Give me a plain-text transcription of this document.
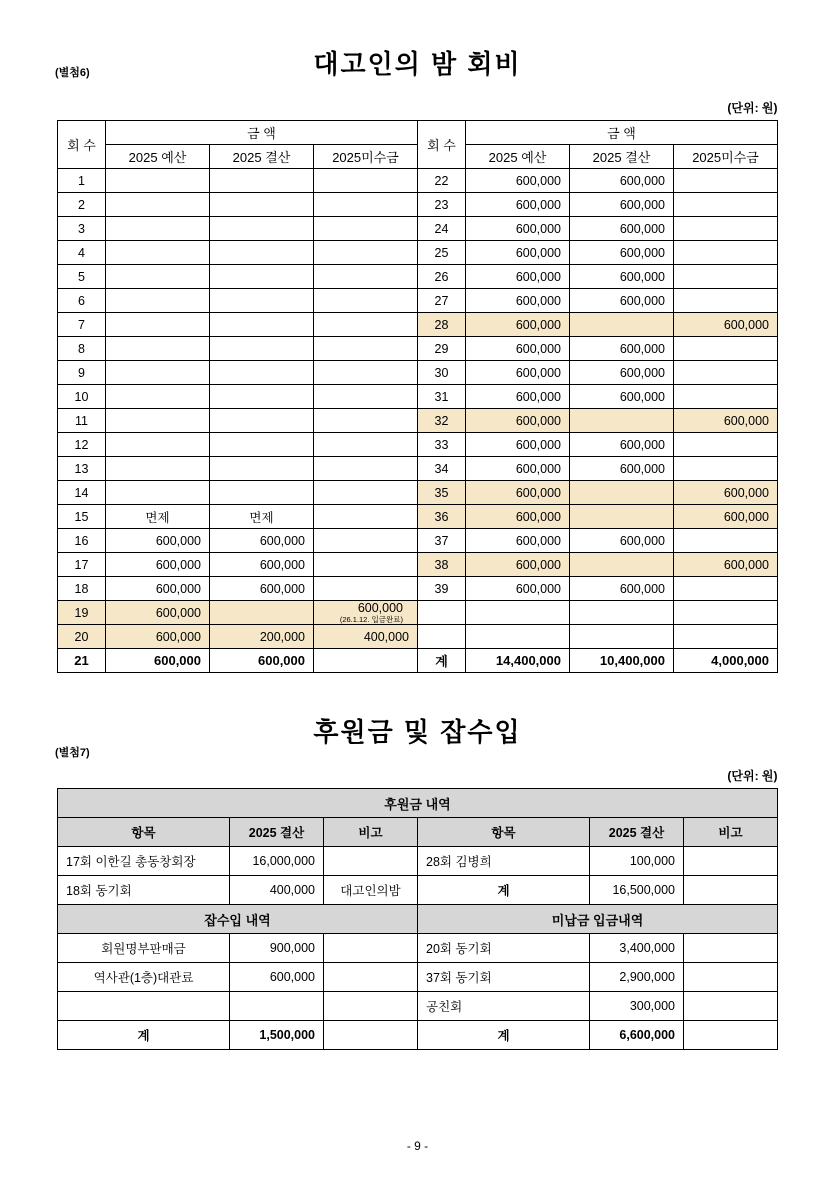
(별첨6)	대고인의 밤 회비
(단위: 원)
회 수	금 액			회 수	금 액		
	2025 예산	2025 결산	2025미수금		2025 예산	2025 결산	2025미수금
1				22	600,000	600,000	
2				23	600,000	600,000	
3				24	600,000	600,000	
4				25	600,000	600,000	
5				26	600,000	600,000	
6				27	600,000	600,000	
7				28	600,000		600,000
8				29	600,000	600,000	
9				30	600,000	600,000	
10				31	600,000	600,000	
11				32	600,000		600,000
12				33	600,000	600,000	
13				34	600,000	600,000	
14				35	600,000		600,000
15	면제	면제		36	600,000		600,000
16	600,000	600,000		37	600,000	600,000	
17	600,000	600,000		38	600,000		600,000
18	600,000	600,000		39	600,000	600,000	
19	600,000		600,000
(26.1.12. 입금완료)				

20	600,000	200,000	400,000				
21	600,000	600,000		계	14,400,000	10,400,000	4,000,000
(별첨7)
후원금 및 잡수입
(단위: 원)
후원금 내역					
항목	2025 결산	비고	항목	2025 결산	비고
17회 이한길 총동창회장	16,000,000		28회 김병희	100,000	
18회 동기회	400,000	대고인의밤	계	16,500,000	
잡수입 내역			미납금 입금내역		
회원명부판매금	900,000		20회 동기회	3,400,000	
역사관(1층)대관료	600,000		37회 동기회	2,900,000	
			공친회	300,000	
계	1,500,000		계	6,600,000	
- 9 -
